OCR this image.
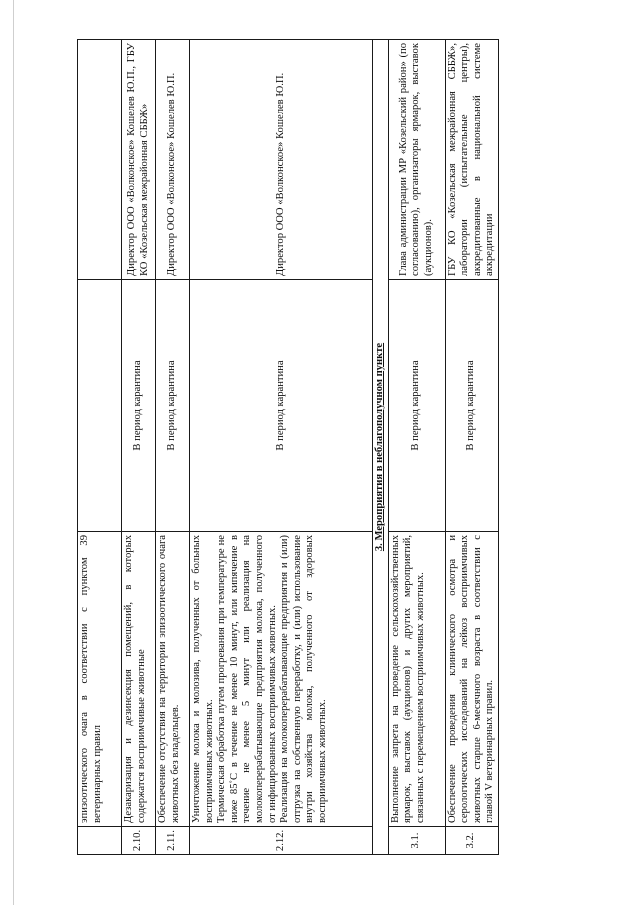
	эпизоотического очага в соответствии с пунктом 39 ветеринарных правил		
2.10.	Дезакаризация и дезинсекция помещений, в которых содержатся восприимчивые животные	В период карантина	Директор ООО «Волконское» Кошелев Ю.П., ГБУ КО «Козельская межрайонная СББЖ»
2.11.	Обеспечение отсутствия на территории эпизоотического очага животных без владельцев.	В период карантина	Директор ООО «Волконское» Кошелев Ю.П.
2.12.	Уничтожение молока и молозива, полученных от больных восприимчивых животных. Термическая обработка путем прогревания при температуре не ниже 85˚С в течение не менее 10 минут, или кипячение в течение не менее 5 минут или реализация на молокоперерабатывающие предприятия молока, полученного от инфицированных восприимчивых животных. Реализация на молокоперерабатывающие предприятия и (или) отгрузка на собственную переработку, и (или) использование внутри хозяйства молока, полученного от здоровых восприимчивых животных.	В период карантина	Директор ООО «Волконское» Кошелев Ю.П.
3. Мероприятия в неблагополучном пункте			
3.1.	Выполнение запрета на проведение сельскохозяйственных ярмарок, выставок (аукционов) и других мероприятий, связанных с перемещением восприимчивых животных.	В период карантина	Глава администрации МР «Козельский район» (по согласованию), организаторы ярмарок, выставок (аукционов).
3.2.	Обеспечение проведения клинического осмотра и серологических исследований на лейкоз восприимчивых животных старше 6-месячного возраста в соответствии с главой V ветеринарных правил.	В период карантина	ГБУ КО «Козельская межрайонная СББЖ», лаборатории (испытательные центры), аккредитованные в национальной системе аккредитации
